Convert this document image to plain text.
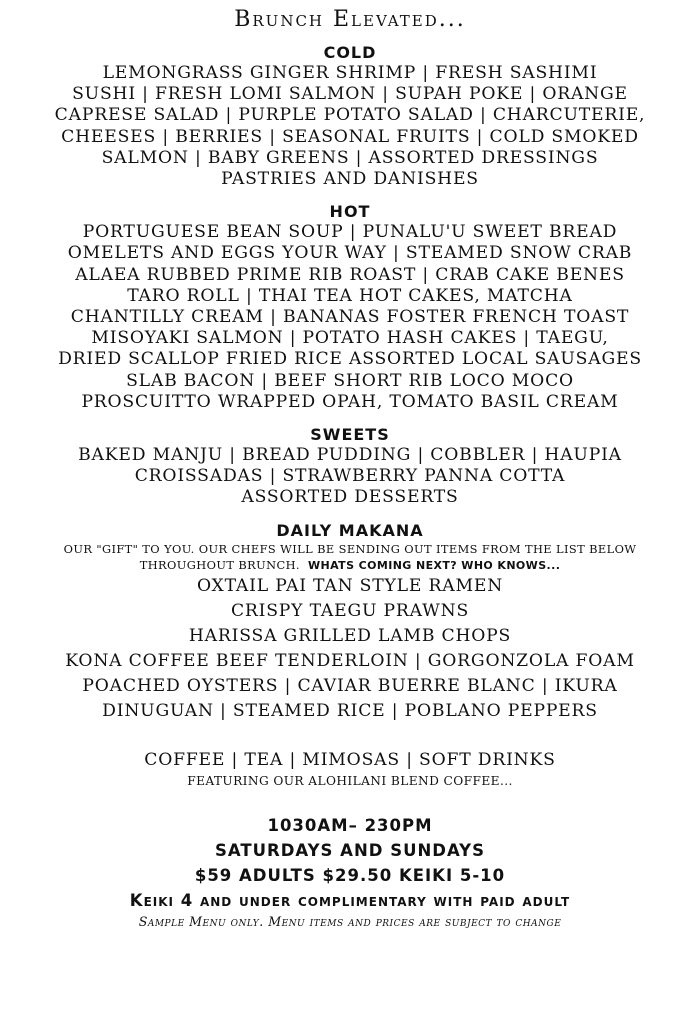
Brunch Elevated...
COLD
LEMONGRASS GINGER SHRIMP | FRESH SASHIMI
SUSHI | FRESH LOMI SALMON | SUPAH POKE | ORANGE
CAPRESE SALAD | PURPLE POTATO SALAD | CHARCUTERIE,
CHEESES | BERRIES | SEASONAL FRUITS | COLD SMOKED
SALMON | BABY GREENS | ASSORTED DRESSINGS
PASTRIES AND DANISHES
HOT
PORTUGUESE BEAN SOUP | PUNALU'U SWEET BREAD
OMELETS AND EGGS YOUR WAY | STEAMED SNOW CRAB
ALAEA RUBBED PRIME RIB ROAST | CRAB CAKE BENES
TARO ROLL | THAI TEA HOT CAKES, MATCHA
CHANTILLY CREAM | BANANAS FOSTER FRENCH TOAST
MISOYAKI SALMON | POTATO HASH CAKES | TAEGU,
DRIED SCALLOP FRIED RICE ASSORTED LOCAL SAUSAGES
SLAB BACON | BEEF SHORT RIB LOCO MOCO
PROSCUITTO WRAPPED OPAH, TOMATO BASIL CREAM
SWEETS
BAKED MANJU | BREAD PUDDING | COBBLER | HAUPIA
CROISSADAS | STRAWBERRY PANNA COTTA
ASSORTED DESSERTS
DAILY MAKANA
OUR "GIFT" TO YOU. OUR CHEFS WILL BE SENDING OUT ITEMS FROM THE LIST BELOW
THROUGHOUT BRUNCH. WHATS COMING NEXT? WHO KNOWS...
OXTAIL PAI TAN STYLE RAMEN
CRISPY TAEGU PRAWNS
HARISSA GRILLED LAMB CHOPS
KONA COFFEE BEEF TENDERLOIN | GORGONZOLA FOAM
POACHED OYSTERS | CAVIAR BUERRE BLANC | IKURA
DINUGUAN | STEAMED RICE | POBLANO PEPPERS
COFFEE | TEA | MIMOSAS | SOFT DRINKS
FEATURING OUR ALOHILANI BLEND COFFEE...
1030AM– 230PM
SATURDAYS AND SUNDAYS
$59 ADULTS $29.50 KEIKI 5-10
Keiki 4 and under complimentary with paid adult
Sample Menu only. Menu items and prices are subject to change
